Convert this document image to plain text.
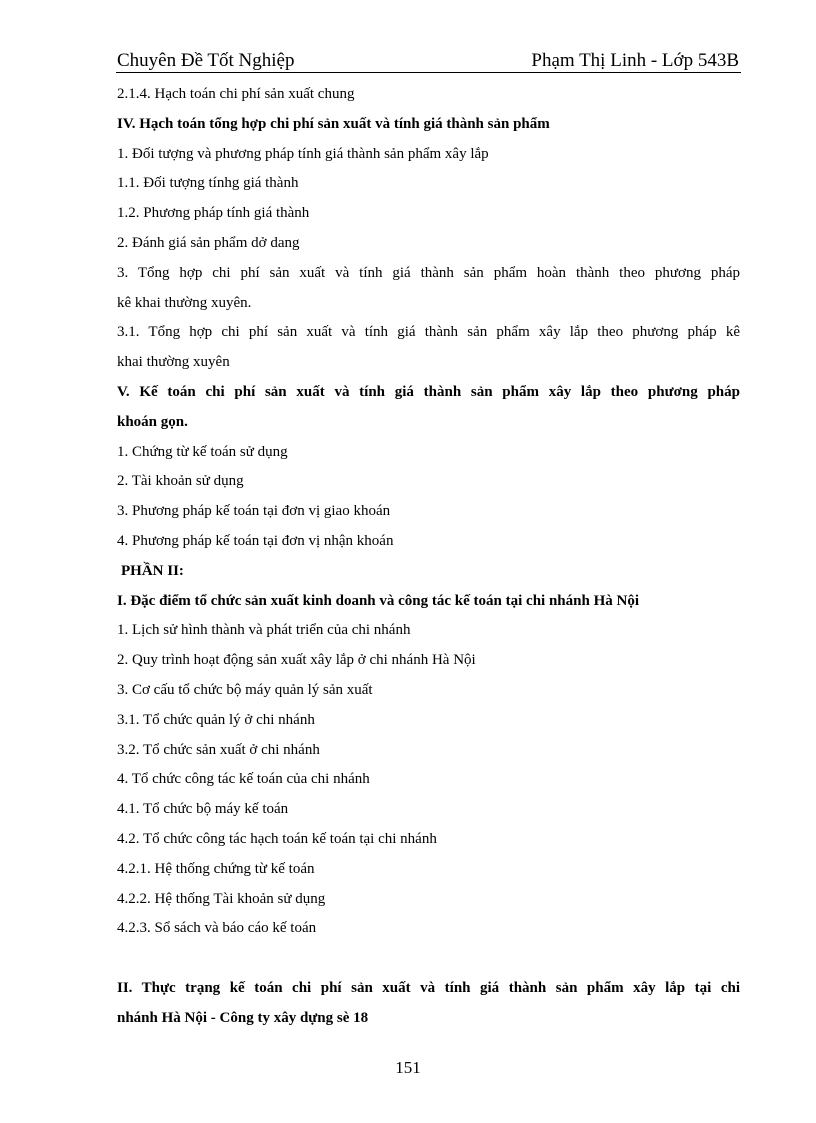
Chuyên Đề Tốt Nghiệp	Phạm Thị Linh - Lớp 543B
2.1.4. Hạch toán chi phí sản xuất chung
IV. Hạch toán tổng hợp chi phí sản xuất và tính giá thành sản phẩm
1. Đối tượng và phương pháp tính giá thành sản phẩm xây lắp
1.1. Đối tượng tínhg giá thành
1.2. Phương pháp tính giá thành
2. Đánh giá sản phẩm dở dang
3. Tổng hợp chi phí sản xuất và tính giá thành sản phẩm hoàn thành theo phương pháp
kê khai thường xuyên.
3.1. Tổng hợp chi phí sản xuất và tính giá thành sản phẩm xây lắp theo phương pháp kê
khai thường xuyên
V. Kế toán chi phí sản xuất và tính giá thành sản phẩm xây lắp theo phương pháp
khoán gọn.
1. Chứng từ kế toán sử dụng
2. Tài khoản sử dụng
3. Phương pháp kế toán tại đơn vị giao khoán
4. Phương pháp kế toán tại đơn vị nhận khoán
PHẦN II:
I. Đặc điểm tổ chức sản xuất kinh doanh và công tác kế toán tại chi nhánh Hà Nội
1. Lịch sử hình thành và phát triển của chi nhánh
2. Quy trình hoạt động sản xuất xây lắp ở chi nhánh Hà Nội
3. Cơ cấu tổ chức bộ máy quản lý sản xuất
3.1. Tổ chức quản lý ở chi nhánh
3.2. Tổ chức sản xuất ở chi nhánh
4. Tổ chức công tác kế toán của chi nhánh
4.1. Tổ chức bộ máy kế toán
4.2. Tổ chức công tác hạch toán kế toán tại chi nhánh
4.2.1. Hệ thống chứng từ kế toán
4.2.2. Hệ thống Tài khoản sử dụng
4.2.3. Sổ sách và báo cáo kế toán
II. Thực trạng kế toán chi phí sản xuất và tính giá thành sản phẩm xây lắp tại chi
nhánh Hà Nội - Công ty xây dựng sè 18
151
